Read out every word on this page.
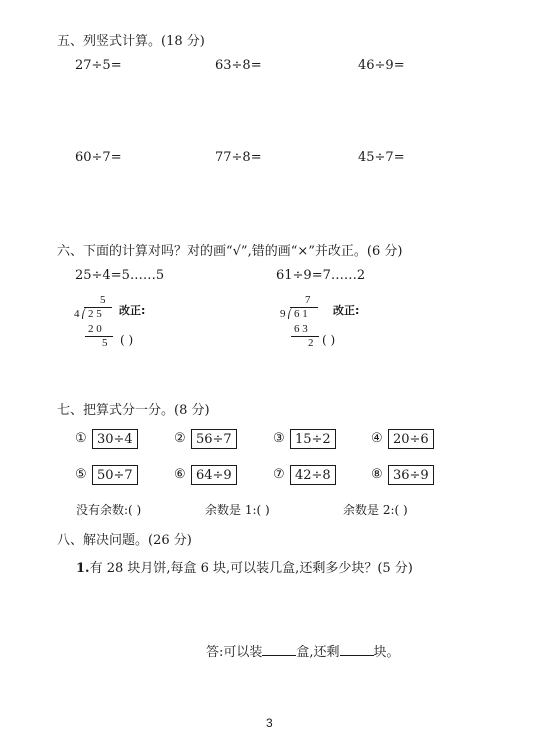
五、列竖式计算。(18 分)
27÷5=	63÷8=	46÷9=
60÷7=	77÷8=	45÷7=
六、下面的计算对吗？对的画“√”,错的画“×”并改正。(6 分)
25÷4=5……5	61÷9=7……2
5
4 2 5
2 0
5
改正:
( )
7
9 6 1
6 3
2
改正:
( )
七、把算式分一分。(8 分)
① 30÷4	② 56÷7	③ 15÷2	④ 20÷6
⑤ 50÷7	⑥ 64÷9	⑦ 42÷8	⑧ 36÷9
没有余数:( )	余数是 1:( )	余数是 2:( )
八、解决问题。(26 分)
1.有 28 块月饼,每盒 6 块,可以装几盒,还剩多少块？(5 分)
答:可以装	盒,还剩	块。
3
